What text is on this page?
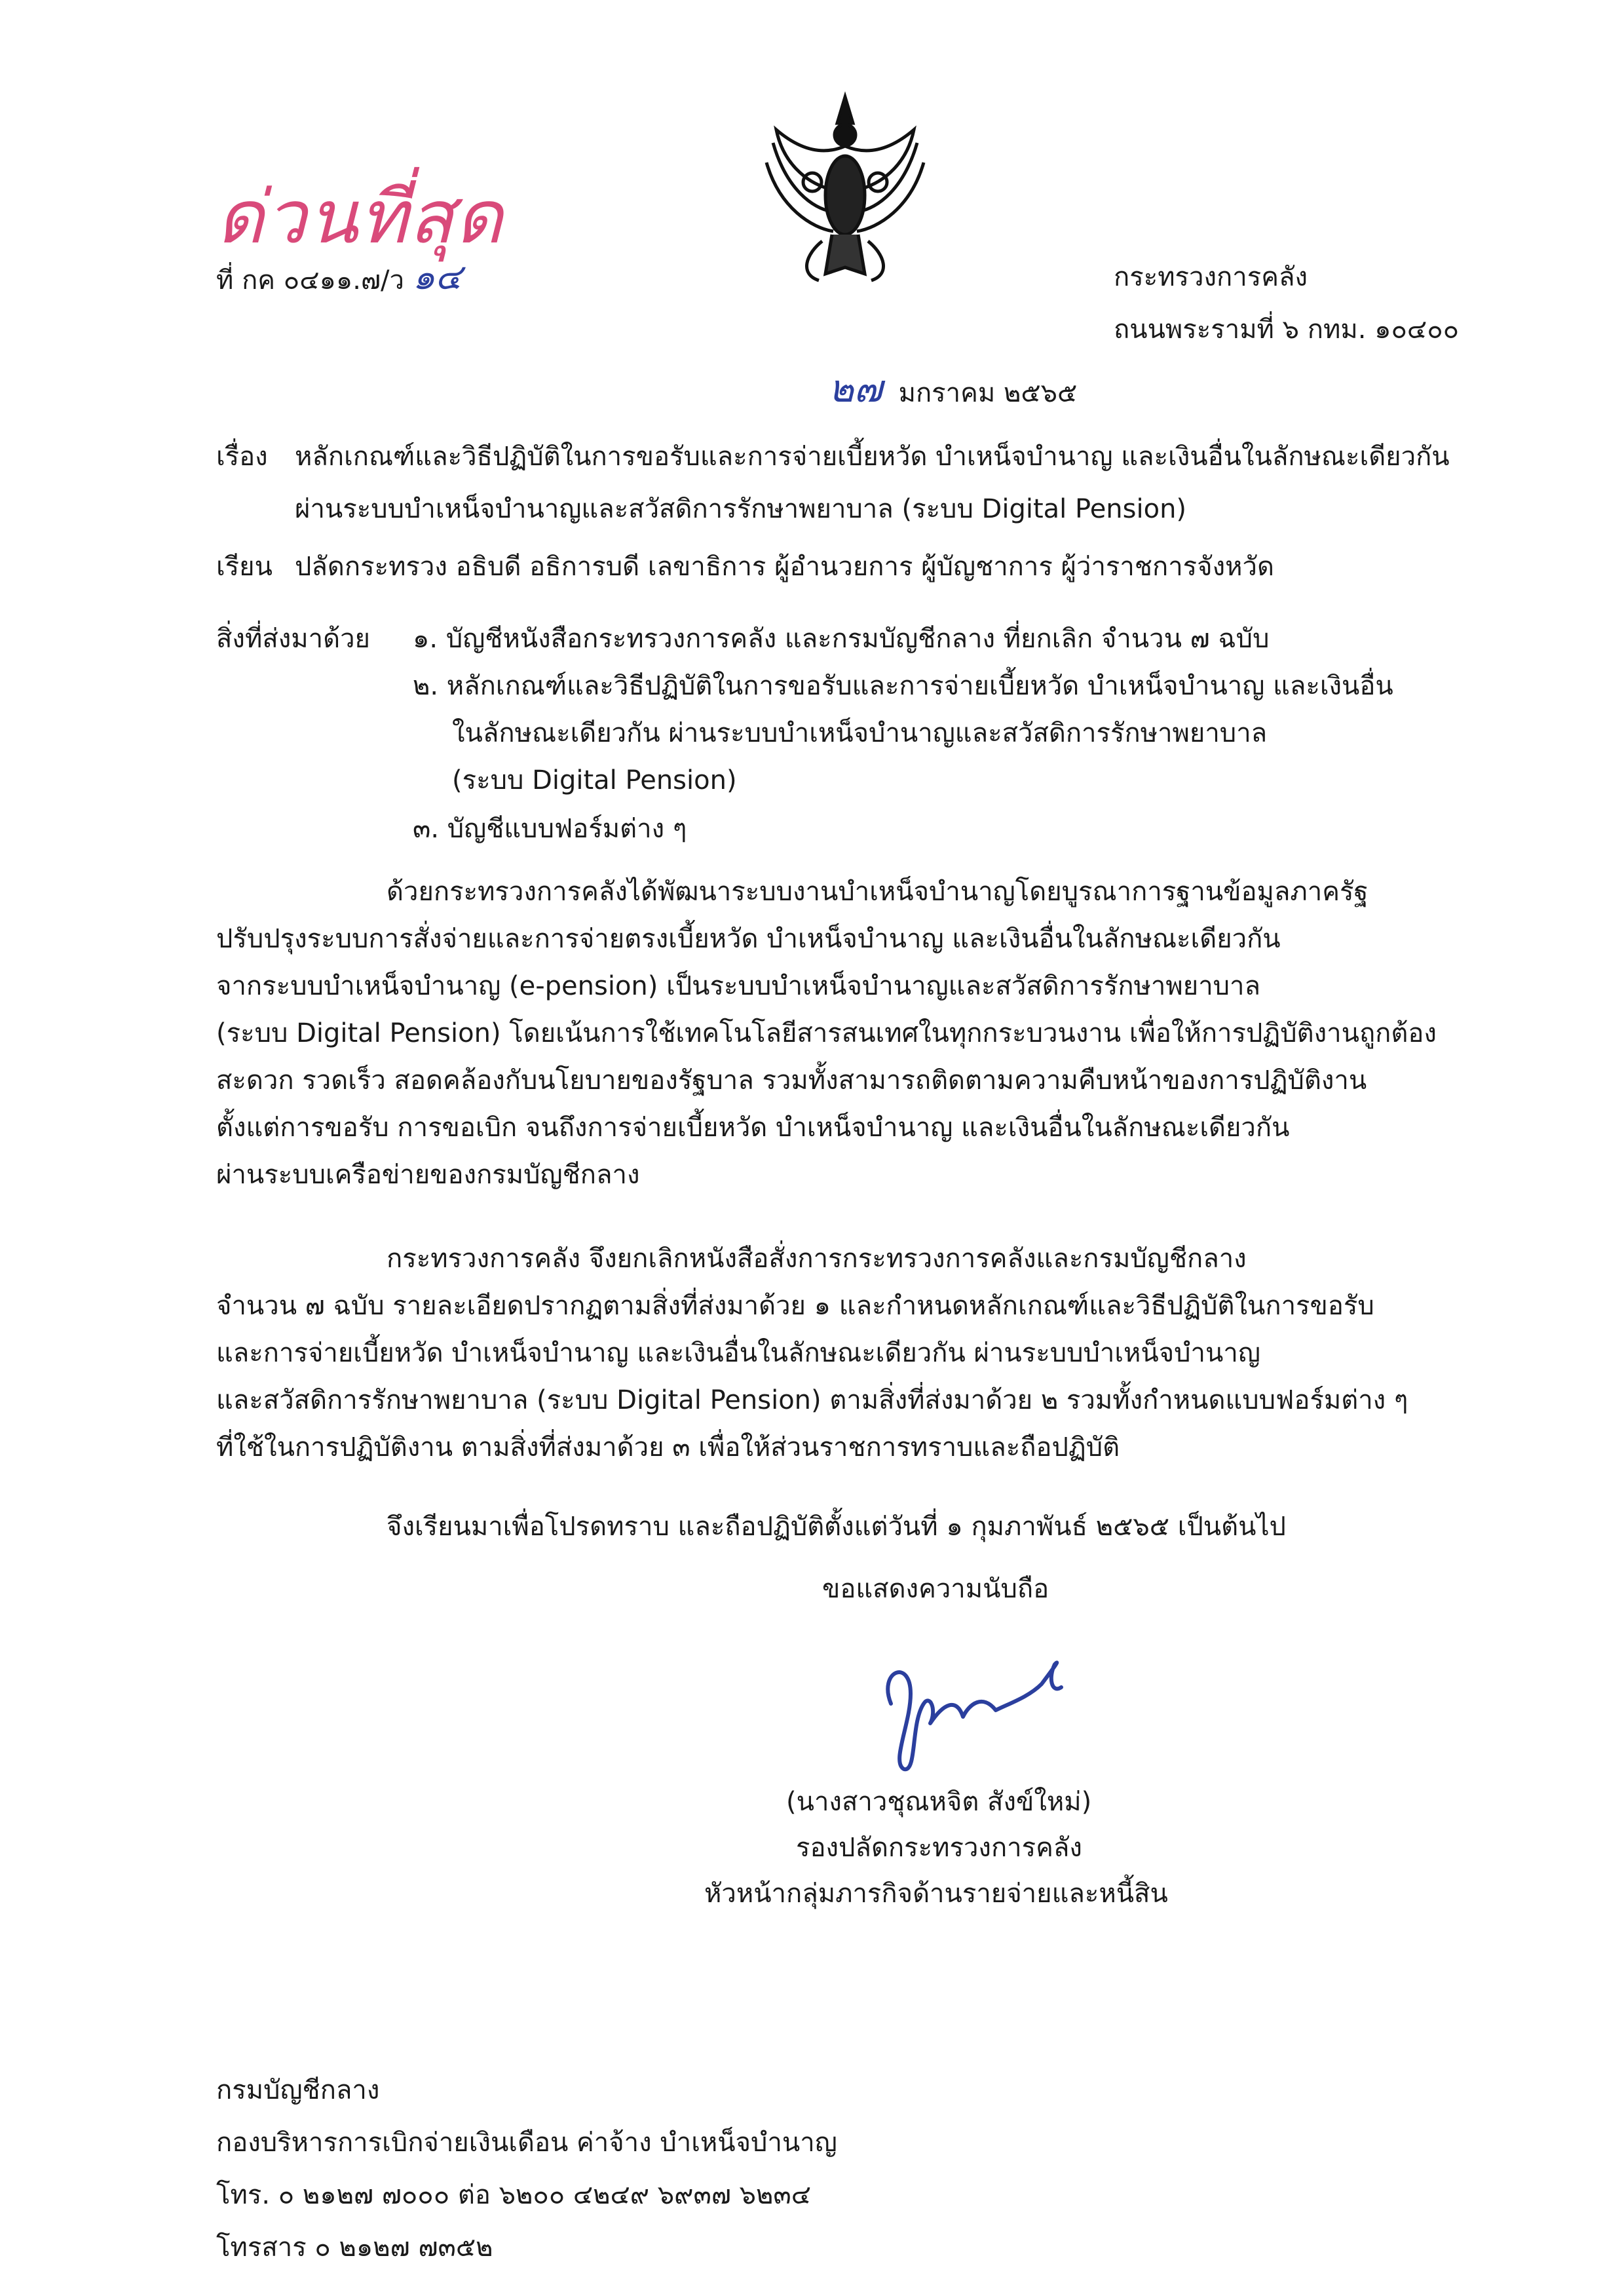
ด่วนที่สุด
ที่ กค ๐๔๑๑.๗/ว ๑๔	กระทรวงการคลัง
ถนนพระรามที่ ๖ กทม. ๑๐๔๐๐
๒๗ มกราคม ๒๕๖๕
เรื่อง หลักเกณฑ์และวิธีปฏิบัติในการขอรับและการจ่ายเบี้ยหวัด บำเหน็จบำนาญ และเงินอื่นในลักษณะเดียวกัน
ผ่านระบบบำเหน็จบำนาญและสวัสดิการรักษาพยาบาล (ระบบ Digital Pension)
เรียน ปลัดกระทรวง อธิบดี อธิการบดี เลขาธิการ ผู้อำนวยการ ผู้บัญชาการ ผู้ว่าราชการจังหวัด
สิ่งที่ส่งมาด้วย ๑. บัญชีหนังสือกระทรวงการคลัง และกรมบัญชีกลาง ที่ยกเลิก จำนวน ๗ ฉบับ
๒. หลักเกณฑ์และวิธีปฏิบัติในการขอรับและการจ่ายเบี้ยหวัด บำเหน็จบำนาญ และเงินอื่น
ในลักษณะเดียวกัน ผ่านระบบบำเหน็จบำนาญและสวัสดิการรักษาพยาบาล
(ระบบ Digital Pension)
๓. บัญชีแบบฟอร์มต่าง ๆ
ด้วยกระทรวงการคลังได้พัฒนาระบบงานบำเหน็จบำนาญโดยบูรณาการฐานข้อมูลภาครัฐ
ปรับปรุงระบบการสั่งจ่ายและการจ่ายตรงเบี้ยหวัด บำเหน็จบำนาญ และเงินอื่นในลักษณะเดียวกัน
จากระบบบำเหน็จบำนาญ (e-pension) เป็นระบบบำเหน็จบำนาญและสวัสดิการรักษาพยาบาล
(ระบบ Digital Pension) โดยเน้นการใช้เทคโนโลยีสารสนเทศในทุกกระบวนงาน เพื่อให้การปฏิบัติงานถูกต้อง
สะดวก รวดเร็ว สอดคล้องกับนโยบายของรัฐบาล รวมทั้งสามารถติดตามความคืบหน้าของการปฏิบัติงาน
ตั้งแต่การขอรับ การขอเบิก จนถึงการจ่ายเบี้ยหวัด บำเหน็จบำนาญ และเงินอื่นในลักษณะเดียวกัน
ผ่านระบบเครือข่ายของกรมบัญชีกลาง
กระทรวงการคลัง จึงยกเลิกหนังสือสั่งการกระทรวงการคลังและกรมบัญชีกลาง
จำนวน ๗ ฉบับ รายละเอียดปรากฏตามสิ่งที่ส่งมาด้วย ๑ และกำหนดหลักเกณฑ์และวิธีปฏิบัติในการขอรับ
และการจ่ายเบี้ยหวัด บำเหน็จบำนาญ และเงินอื่นในลักษณะเดียวกัน ผ่านระบบบำเหน็จบำนาญ
และสวัสดิการรักษาพยาบาล (ระบบ Digital Pension) ตามสิ่งที่ส่งมาด้วย ๒ รวมทั้งกำหนดแบบฟอร์มต่าง ๆ
ที่ใช้ในการปฏิบัติงาน ตามสิ่งที่ส่งมาด้วย ๓ เพื่อให้ส่วนราชการทราบและถือปฏิบัติ
จึงเรียนมาเพื่อโปรดทราบ และถือปฏิบัติตั้งแต่วันที่ ๑ กุมภาพันธ์ ๒๕๖๕ เป็นต้นไป
ขอแสดงความนับถือ
(นางสาวชุณหจิต สังข์ใหม่)
รองปลัดกระทรวงการคลัง
หัวหน้ากลุ่มภารกิจด้านรายจ่ายและหนี้สิน
กรมบัญชีกลาง
กองบริหารการเบิกจ่ายเงินเดือน ค่าจ้าง บำเหน็จบำนาญ
โทร. ๐ ๒๑๒๗ ๗๐๐๐ ต่อ ๖๒๐๐ ๔๒๔๙ ๖๙๓๗ ๖๒๓๔
โทรสาร ๐ ๒๑๒๗ ๗๓๕๒
